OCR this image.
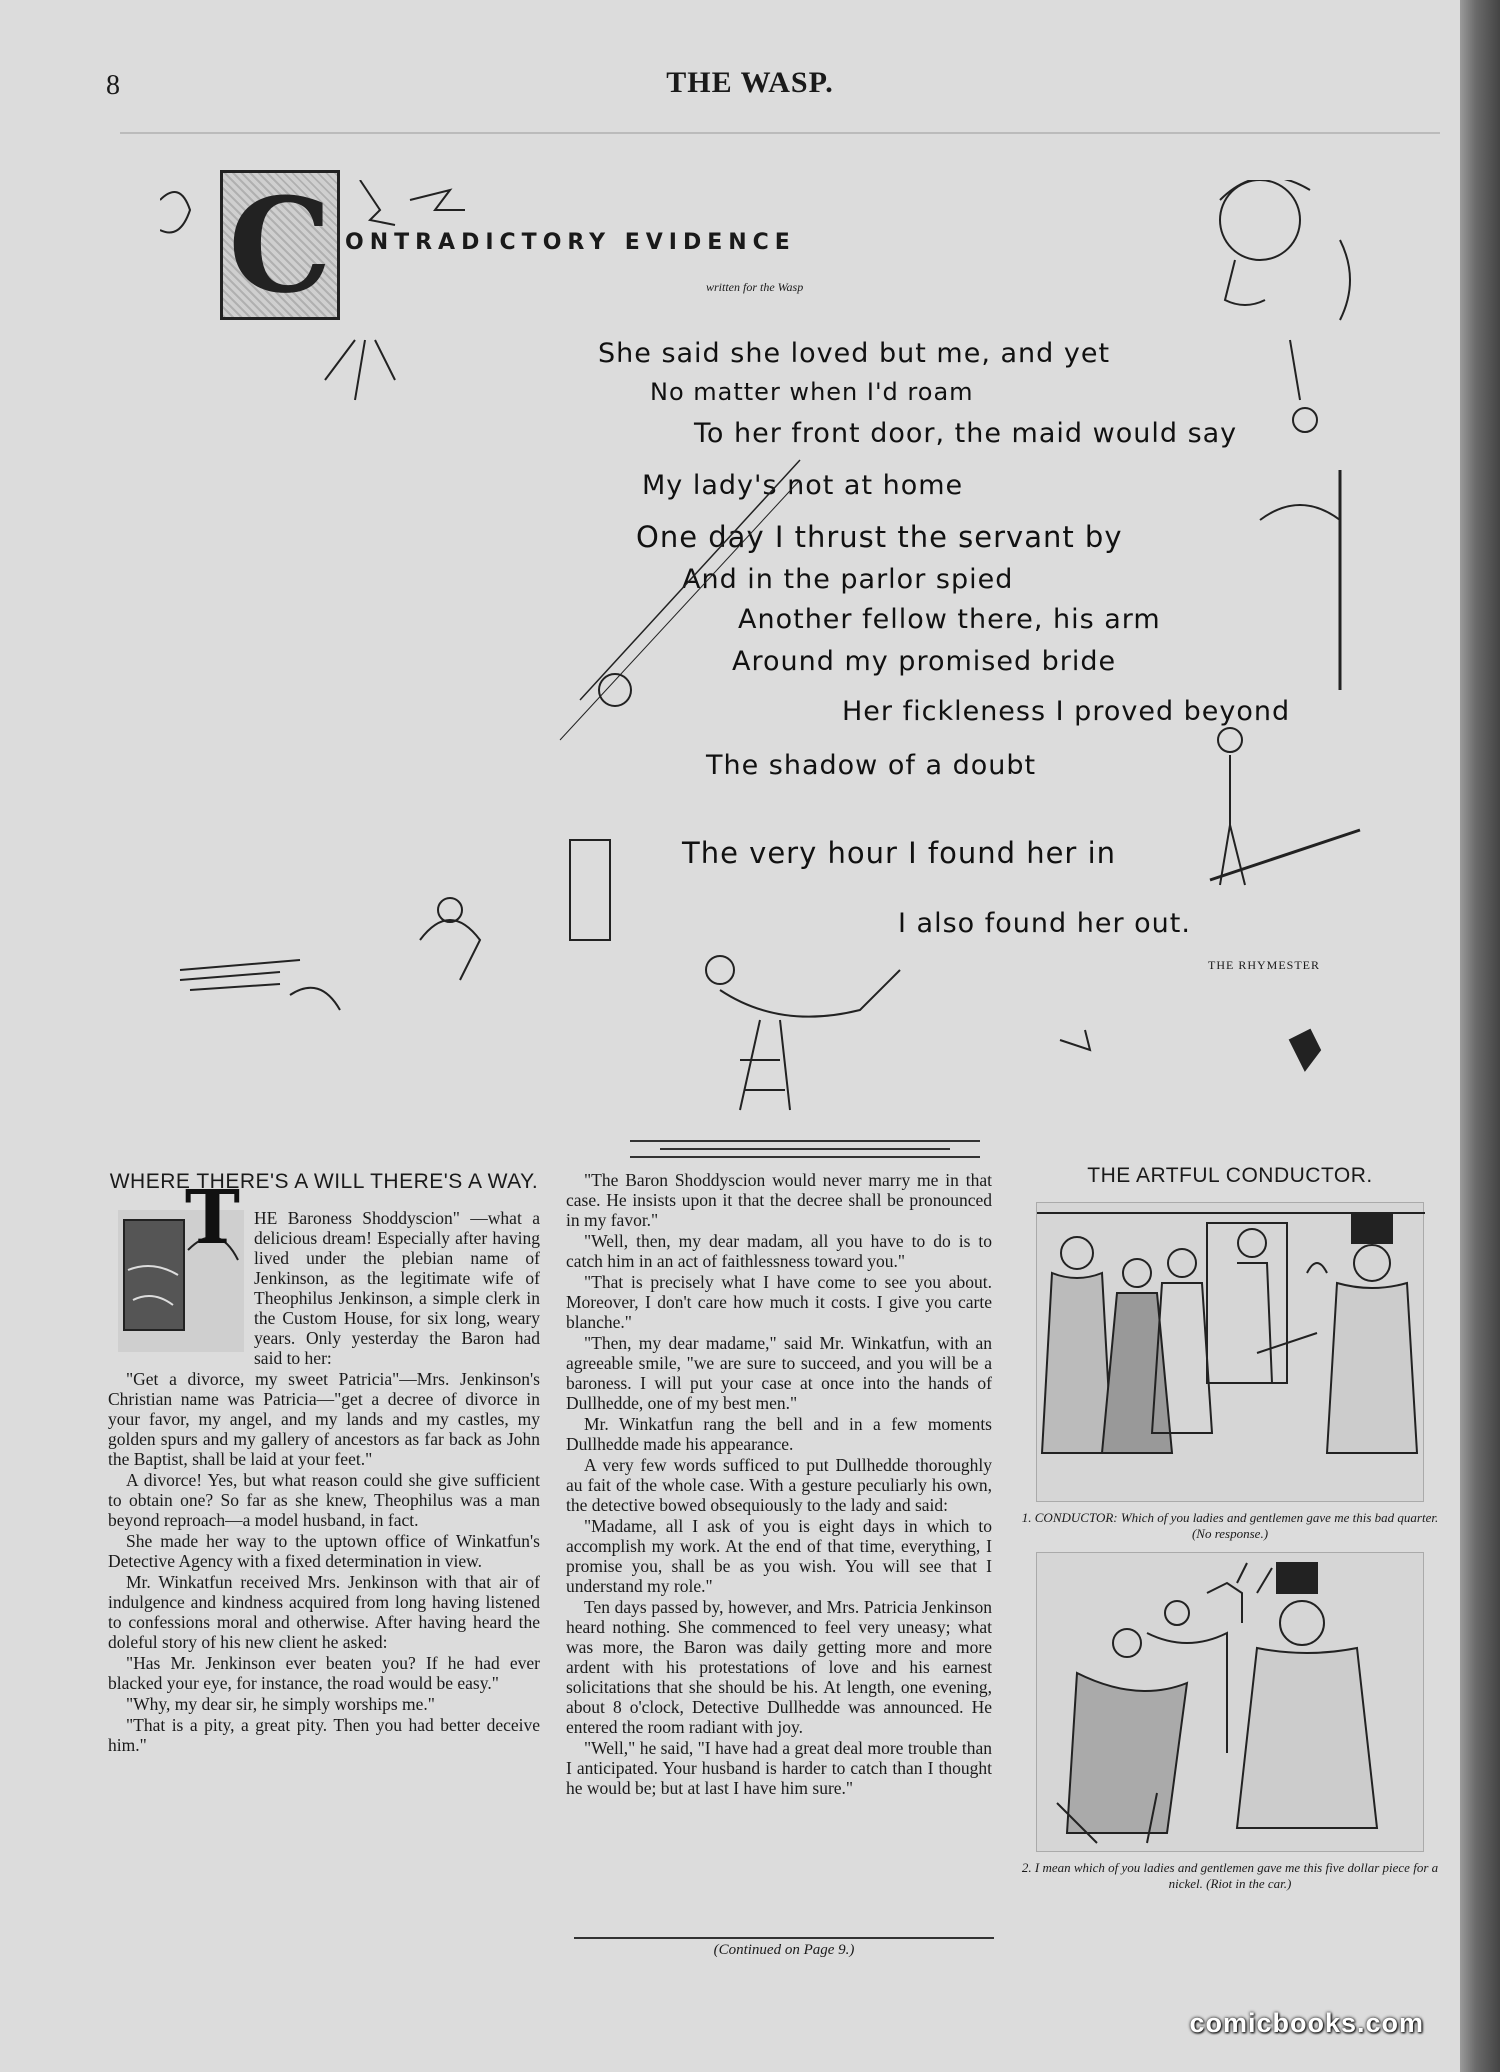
8	THE WASP.
C ONTRADICTORY EVIDENCE
written for the Wasp
She said she loved but me, and yet
No matter when I'd roam
To her front door, the maid would say
My lady's not at home
One day I thrust the servant by
And in the parlor spied
Another fellow there, his arm
Around my promised bride
Her fickleness I proved beyond
The shadow of a doubt
The very hour I found her in
I also found her out.
THE RHYMESTER
WHERE THERE'S A WILL THERE'S A WAY.
T HE Baroness Shoddyscion" —what a delicious dream! Especially after having lived under the plebian name of Jenkinson, as the legitimate wife of Theophilus Jenkinson, a simple clerk in the Custom House, for six long, weary years. Only yesterday the Baron had said to her:

"Get a divorce, my sweet Patricia"—Mrs. Jenkinson's Christian name was Patricia—"get a decree of divorce in your favor, my angel, and my lands and my castles, my golden spurs and my gallery of ancestors as far back as John the Baptist, shall be laid at your feet."

A divorce! Yes, but what reason could she give sufficient to obtain one? So far as she knew, Theophilus was a man beyond reproach—a model husband, in fact.

She made her way to the uptown office of Winkatfun's Detective Agency with a fixed determination in view.

Mr. Winkatfun received Mrs. Jenkinson with that air of indulgence and kindness acquired from long having listened to confessions moral and otherwise. After having heard the doleful story of his new client he asked:

"Has Mr. Jenkinson ever beaten you? If he had ever blacked your eye, for instance, the road would be easy."

"Why, my dear sir, he simply worships me."

"That is a pity, a great pity. Then you had better deceive him."

"The Baron Shoddyscion would never marry me in that case. He insists upon it that the decree shall be pronounced in my favor."

"Well, then, my dear madam, all you have to do is to catch him in an act of faithlessness toward you."

"That is precisely what I have come to see you about. Moreover, I don't care how much it costs. I give you carte blanche."

"Then, my dear madame," said Mr. Winkatfun, with an agreeable smile, "we are sure to succeed, and you will be a baroness. I will put your case at once into the hands of Dullhedde, one of my best men."

Mr. Winkatfun rang the bell and in a few moments Dullhedde made his appearance.

A very few words sufficed to put Dullhedde thoroughly au fait of the whole case. With a gesture peculiarly his own, the detective bowed obsequiously to the lady and said:

"Madame, all I ask of you is eight days in which to accomplish my work. At the end of that time, everything, I promise you, shall be as you wish. You will see that I understand my role."

Ten days passed by, however, and Mrs. Patricia Jenkinson heard nothing. She commenced to feel very uneasy; what was more, the Baron was daily getting more and more ardent with his protestations of love and his earnest solicitations that she should be his. At length, one evening, about 8 o'clock, Detective Dullhedde was announced. He entered the room radiant with joy.

"Well," he said, "I have had a great deal more trouble than I anticipated. Your husband is harder to catch than I thought he would be; but at last I have him sure."

(Continued on Page 9.)
THE ARTFUL CONDUCTOR.
1. CONDUCTOR: Which of you ladies and gentlemen gave me this bad quarter. (No response.)
2. I mean which of you ladies and gentlemen gave me this five dollar piece for a nickel. (Riot in the car.)
comicbooks.com
